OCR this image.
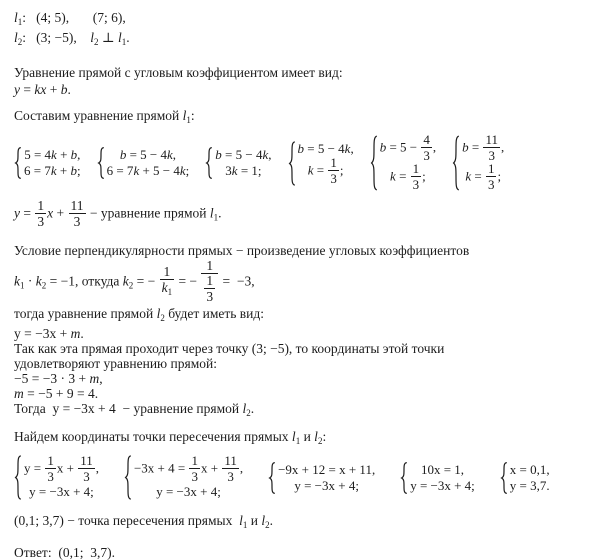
$l_1$:   (4; 5),       (7; 6),
$l_2$:   (3; −5),    $l_2$ ⊥ $l_1$.
Уравнение прямой с угловым коэффициентом имеет вид:
y = kx + b.
Составим уравнение прямой $l_1$:
5 = 4k + b,
6 = 7k + b;
b = 5 − 4k,
6 = 7k + 5 − 4k;
b = 5 − 4k,
3k = 1;
b = 5 − 4k,
$k = \frac{1}{3}$ ;
$b = 5 - \frac{4}{3}$ ,
$k = \frac{1}{3}$ ;
$b = \frac{11}{3}$ ,
$k = \frac{1}{3}$ ;
$y = \frac{1}{3}$ $x + \frac{11}{3}$ − уравнение прямой $l_1$.
Условие перпендикулярности прямых − произведение угловых коэффициентов
$k_1 \cdot k_2 = -1$, откуда $k_2$ = − $\frac{1}{k_1}$ = − $\frac{1}{\frac{1}{3}} = -3$,
тогда уравнение прямой $l_2$ будет иметь вид:
y = −3x + m.
Так как эта прямая проходит через точку (3; −5), то координаты этой точки
удовлетворяют уравнению прямой:
−5 = −3 · 3 + m,
m = −5 + 9 = 4.
Тогда  y = −3x + 4  − уравнение прямой $l_2$.
Найдем координаты точки пересечения прямых $l_1$ и $l_2$:
$y = \frac{1}{3}$ $x + \frac{11}{3}$ ,
y = −3x + 4;
$-3x + 4 = \frac{1}{3}$ $x + \frac{11}{3}$ ,
y = −3x + 4;
−9x + 12 = x + 11,
y = −3x + 4;
10x = 1,
y = −3x + 4;
x = 0,1,
y = 3,7.
(0,1; 3,7) − точка пересечения прямых  $l_1$ и $l_2$.
Ответ:  (0,1;  3,7).
